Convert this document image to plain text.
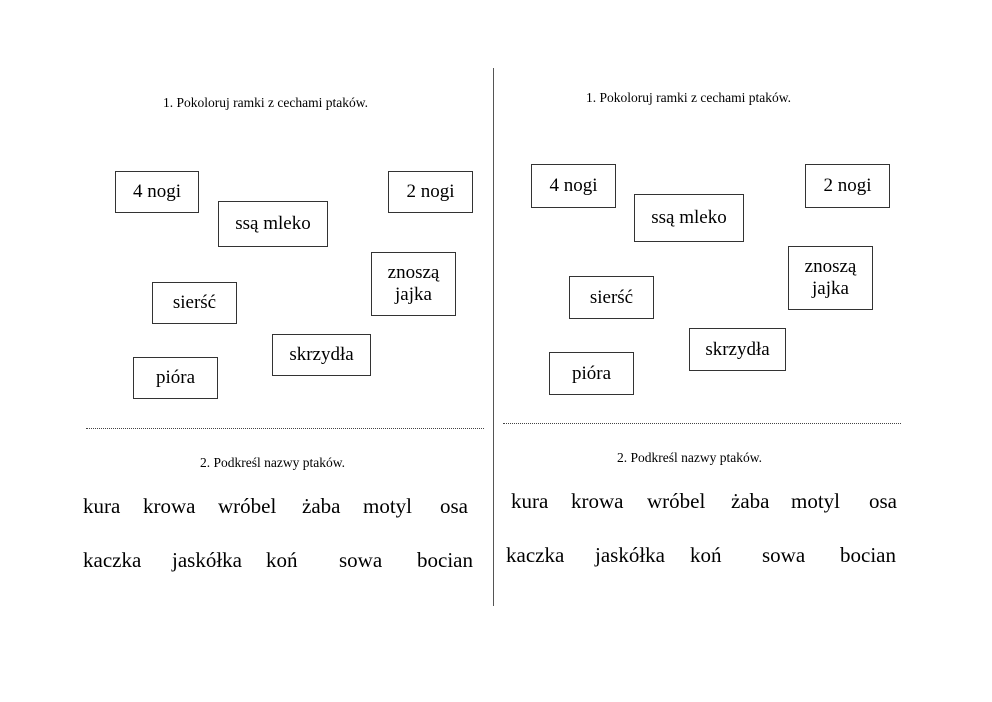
1. Pokoloruj ramki z cechami ptaków.
4 nogi
ssą mleko
2 nogi
znoszą jajka
sierść
skrzydła
pióra
2. Podkreśl nazwy ptaków.
kura krowa wróbel żaba motyl osa
kaczka jaskółka koń sowa bocian
1. Pokoloruj ramki z cechami ptaków.
4 nogi
ssą mleko
2 nogi
znoszą jajka
sierść
skrzydła
pióra
2. Podkreśl nazwy ptaków.
kura krowa wróbel żaba motyl osa
kaczka jaskółka koń sowa bocian
